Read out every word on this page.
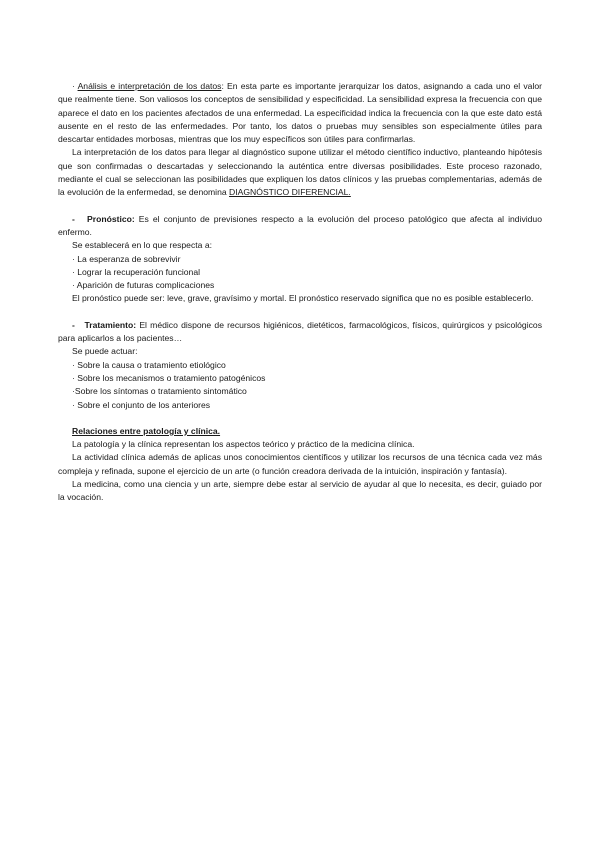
· Análisis e interpretación de los datos: En esta parte es importante jerarquizar los datos, asignando a cada uno el valor que realmente tiene. Son valiosos los conceptos de sensibilidad y especificidad. La sensibilidad expresa la frecuencia con que aparece el dato en los pacientes afectados de una enfermedad. La especificidad indica la frecuencia con la que este dato está ausente en el resto de las enfermedades. Por tanto, los datos o pruebas muy sensibles son especialmente útiles para descartar entidades morbosas, mientras que los muy específicos son útiles para confirmarlas.

La interpretación de los datos para llegar al diagnóstico supone utilizar el método científico inductivo, planteando hipótesis que son confirmadas o descartadas y seleccionando la auténtica entre diversas posibilidades. Este proceso razonado, mediante el cual se seleccionan las posibilidades que expliquen los datos clínicos y las pruebas complementarias, además de la evolución de la enfermedad, se denomina DIAGNÓSTICO DIFERENCIAL.

- Pronóstico: Es el conjunto de previsiones respecto a la evolución del proceso patológico que afecta al individuo enfermo.

Se establecerá en lo que respecta a:

· La esperanza de sobrevivir
· Lograr la recuperación funcional
· Aparición de futuras complicaciones

El pronóstico puede ser: leve, grave, gravísimo y mortal. El pronóstico reservado significa que no es posible establecerlo.

- Tratamiento: El médico dispone de recursos higiénicos, dietéticos, farmacológicos, físicos, quirúrgicos y psicológicos para aplicarlos a los pacientes…

Se puede actuar:

· Sobre la causa o tratamiento etiológico
· Sobre los mecanismos o tratamiento patogénicos
·Sobre los síntomas o tratamiento sintomático
· Sobre el conjunto de los anteriores

Relaciones entre patología y clínica.

La patología y la clínica representan los aspectos teórico y práctico de la medicina clínica.

La actividad clínica además de aplicas unos conocimientos científicos y utilizar los recursos de una técnica cada vez más compleja y refinada, supone el ejercicio de un arte (o función creadora derivada de la intuición, inspiración y fantasía).

La medicina, como una ciencia y un arte, siempre debe estar al servicio de ayudar al que lo necesita, es decir, guiado por la vocación.
